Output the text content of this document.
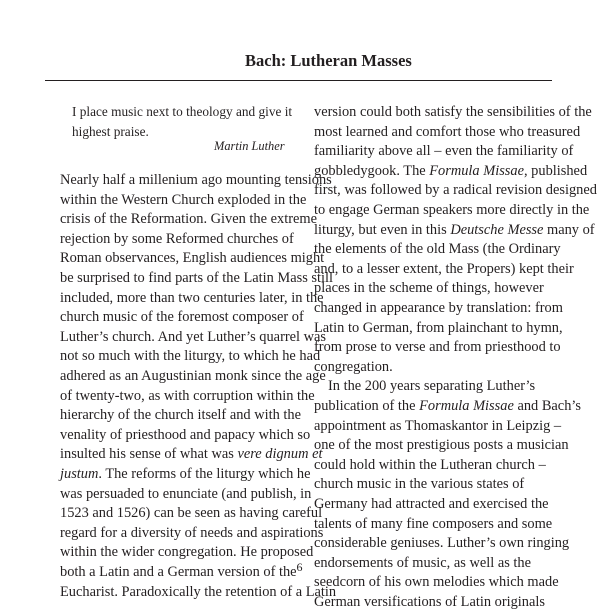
Bach: Lutheran Masses
I place music next to theology and give it
highest praise.
Martin Luther
Nearly half a millenium ago mounting tensions
within the Western Church exploded in the
crisis of the Reformation. Given the extreme
rejection by some Reformed churches of
Roman observances, English audiences might
be surprised to find parts of the Latin Mass still
included, more than two centuries later, in the
church music of the foremost composer of
Luther’s church. And yet Luther’s quarrel was
not so much with the liturgy, to which he had
adhered as an Augustinian monk since the age
of twenty-two, as with corruption within the
hierarchy of the church itself and with the
venality of priesthood and papacy which so
insulted his sense of what was vere dignum et
justum. The reforms of the liturgy which he
was persuaded to enunciate (and publish, in
1523 and 1526) can be seen as having careful
regard for a diversity of needs and aspirations
within the wider congregation. He proposed
both a Latin and a German version of the
Eucharist. Paradoxically the retention of a Latin
version could both satisfy the sensibilities of the
most learned and comfort those who treasured
familiarity above all – even the familiarity of
gobbledygook. The Formula Missae, published
first, was followed by a radical revision designed
to engage German speakers more directly in the
liturgy, but even in this Deutsche Messe many of
the elements of the old Mass (the Ordinary
and, to a lesser extent, the Propers) kept their
places in the scheme of things, however
changed in appearance by translation: from
Latin to German, from plainchant to hymn,
from prose to verse and from priesthood to
congregation.
In the 200 years separating Luther’s
publication of the Formula Missae and Bach’s
appointment as Thomaskantor in Leipzig –
one of the most prestigious posts a musician
could hold within the Lutheran church –
church music in the various states of
Germany had attracted and exercised the
talents of many fine composers and some
considerable geniuses. Luther’s own ringing
endorsements of music, as well as the
seedcorn of his own melodies which made
German versifications of Latin originals
6
